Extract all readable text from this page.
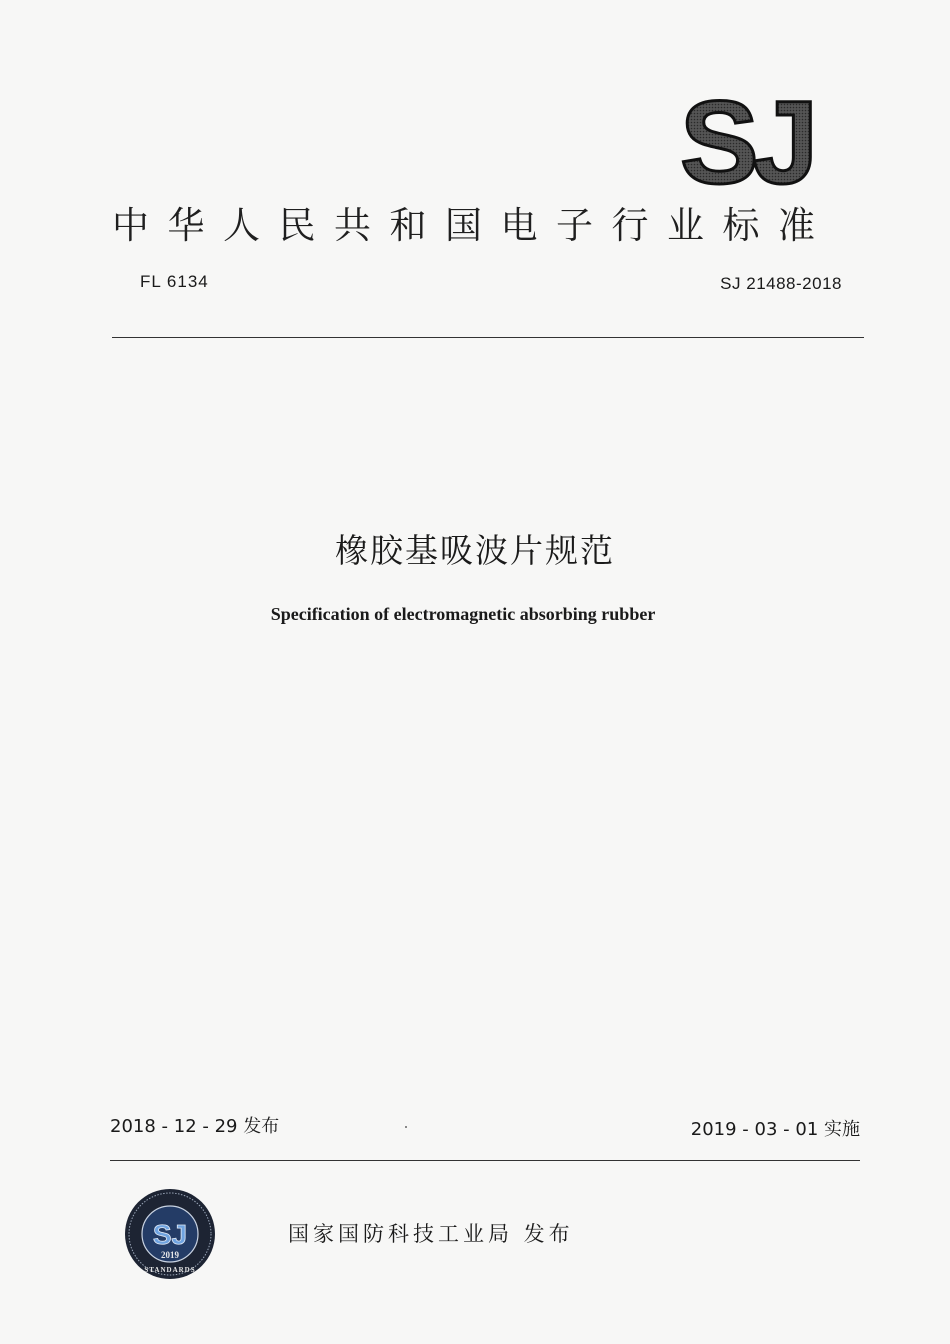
SJ
中华人民共和国电子行业标准
FL 6134	SJ 21488-2018
橡胶基吸波片规范
Specification of electromagnetic absorbing rubber
2018 - 12 - 29 发布	2019 - 03 - 01 实施
SJ
2019
STANDARDS
国家国防科技工业局 发布
